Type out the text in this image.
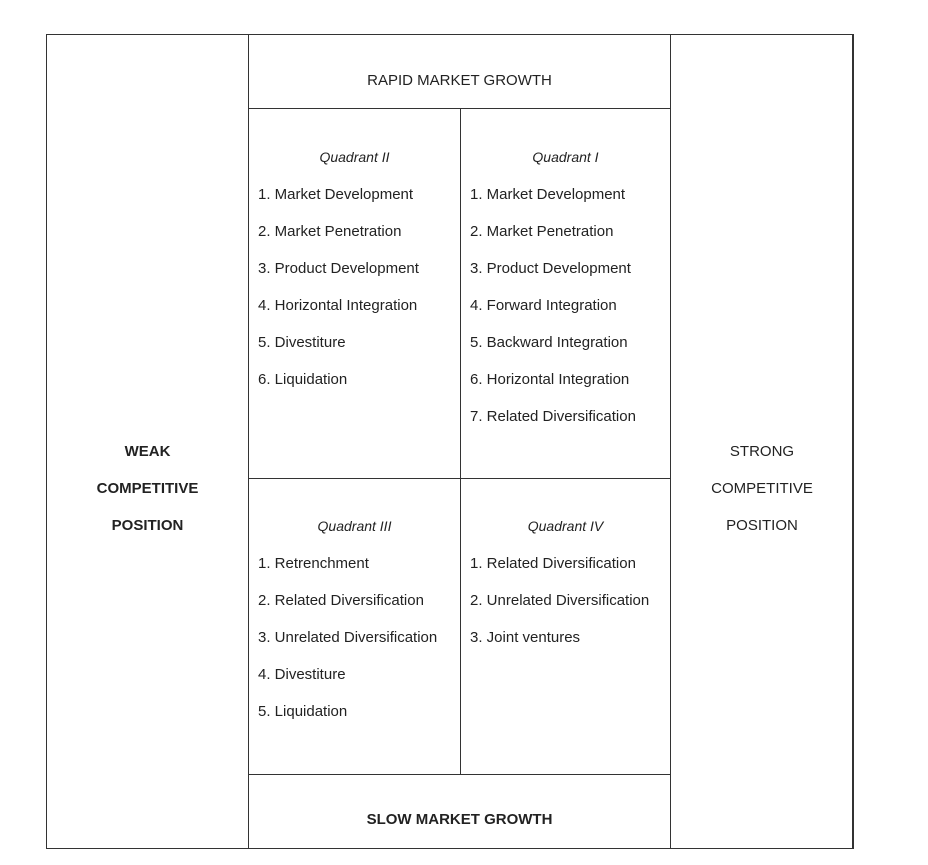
WEAK
COMPETITIVE
POSITION
STRONG
COMPETITIVE
POSITION
RAPID MARKET GROWTH
Quadrant II
1. Market Development
2. Market Penetration
3. Product Development
4. Horizontal Integration
5. Divestiture
6. Liquidation
Quadrant I
1. Market Development
2. Market Penetration
3. Product Development
4. Forward Integration
5. Backward Integration
6. Horizontal Integration
7. Related Diversification
Quadrant III
1. Retrenchment
2. Related Diversification
3. Unrelated Diversification
4. Divestiture
5. Liquidation
Quadrant IV
1. Related Diversification
2. Unrelated Diversification
3. Joint ventures
SLOW MARKET GROWTH
